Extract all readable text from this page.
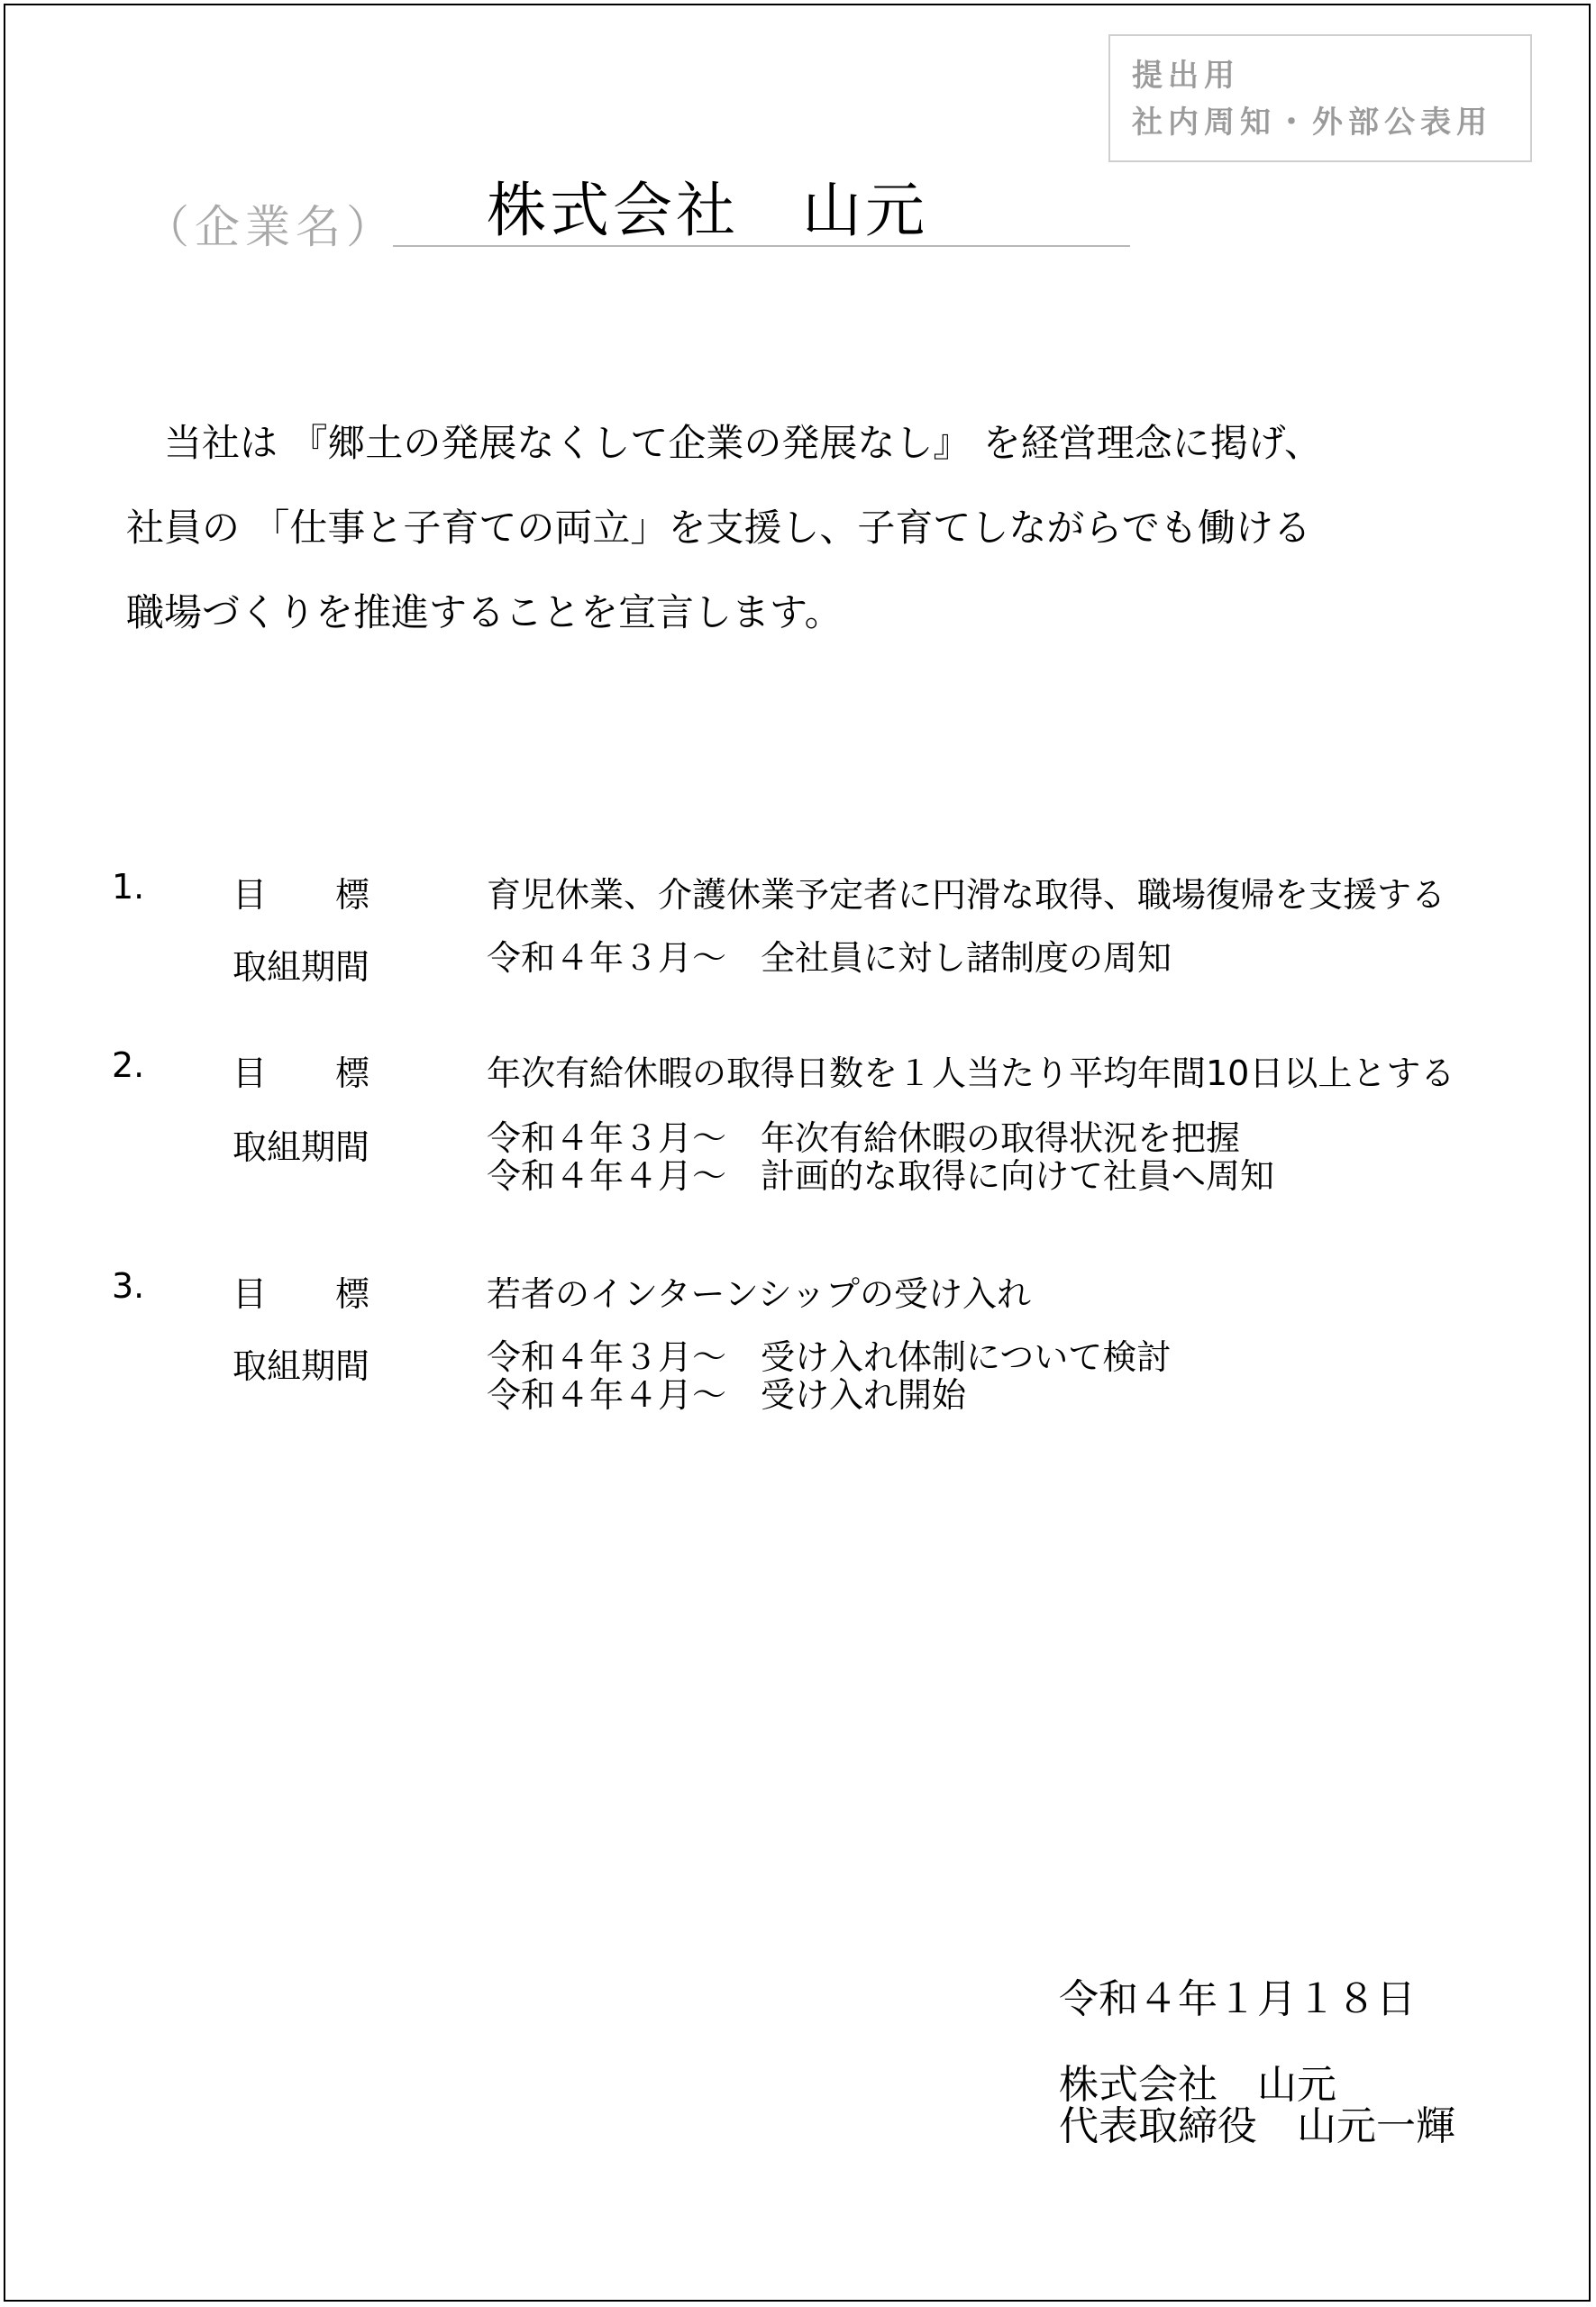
提出用
社内周知・外部公表用
（企業名） 株式会社　山元
　当社は 『郷土の発展なくして企業の発展なし』 を経営理念に掲げ、
社員の 「仕事と子育ての両立」を支援し、子育てしながらでも働ける
職場づくりを推進することを宣言します。
1.	目　　標	育児休業、介護休業予定者に円滑な取得、職場復帰を支援する
取組期間	令和４年３月～　全社員に対し諸制度の周知
2.	目　　標	年次有給休暇の取得日数を１人当たり平均年間10日以上とする
取組期間	令和４年３月～　年次有給休暇の取得状況を把握
令和４年４月～　計画的な取得に向けて社員へ周知
3.	目　　標	若者のインターンシップの受け入れ
取組期間	令和４年３月～　受け入れ体制について検討
令和４年４月～　受け入れ開始
令和４年１月１８日
株式会社　山元
代表取締役　山元一輝
